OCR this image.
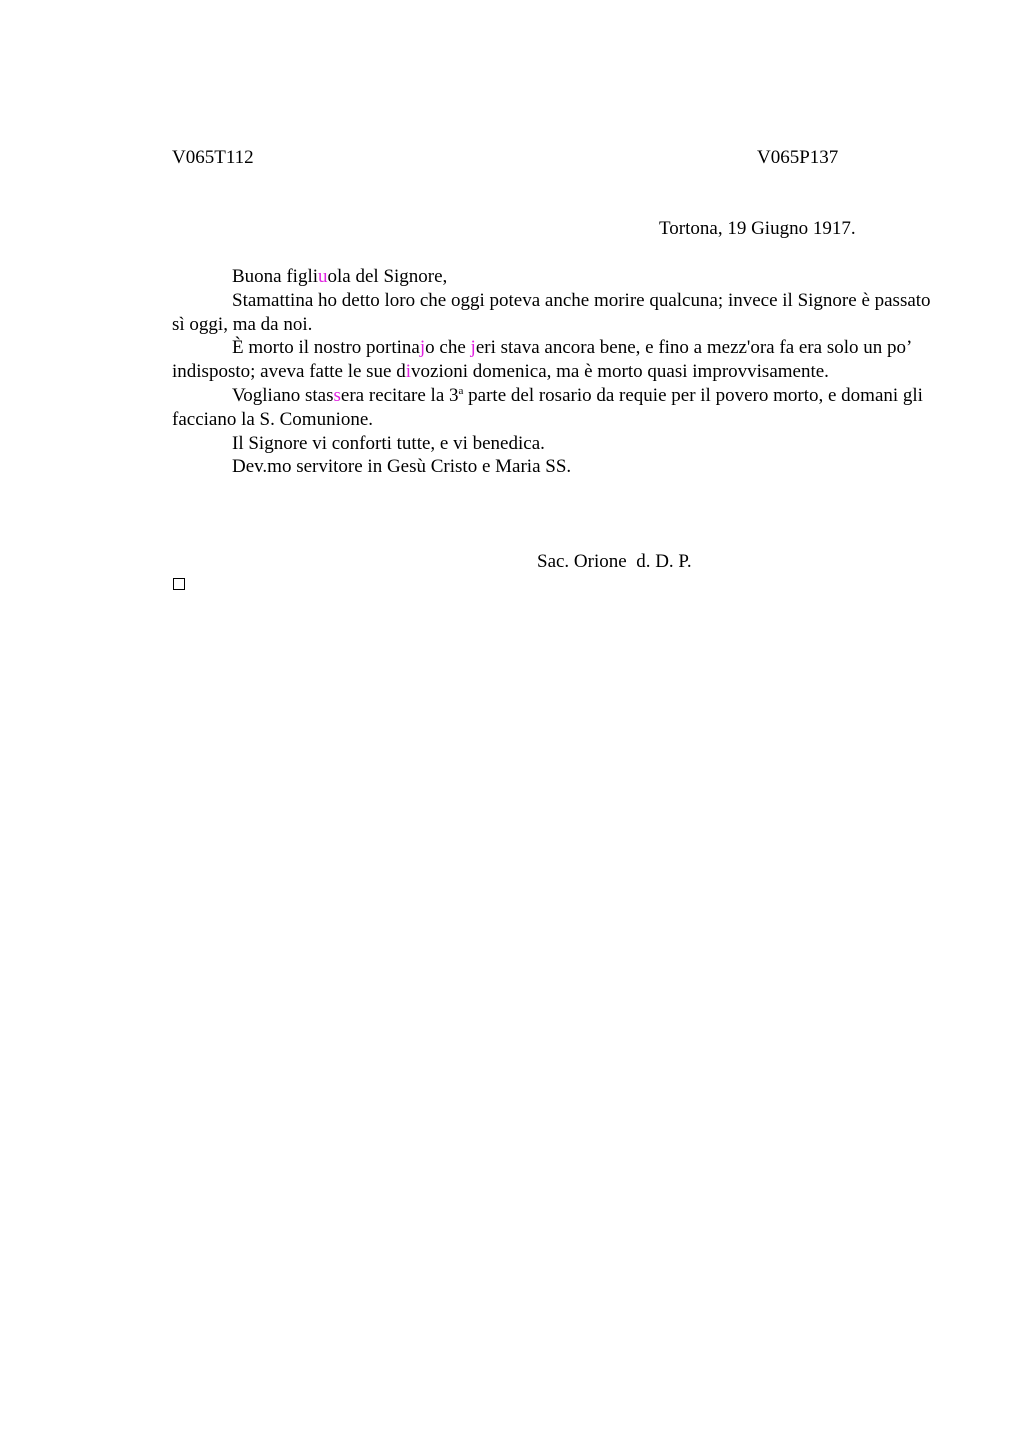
V065T112	V065P137
Tortona, 19 Giugno 1917.

Buona figliuola del Signore,

Stamattina ho detto loro che oggi poteva anche morire qualcuna; invece il Signore è passato sì oggi, ma da noi.

È morto il nostro portinajo che jeri stava ancora bene, e fino a mezz'ora fa era solo un po’ indisposto; aveva fatte le sue divozioni domenica, ma è morto quasi improvvisamente.

Vogliano stassera recitare la 3$^a$ parte del rosario da requie per il povero morto, e domani gli facciano la S. Comunione.

Il Signore vi conforti tutte, e vi benedica.

Dev.mo servitore in Gesù Cristo e Maria SS.

Sac. Orione  d. D. P.
